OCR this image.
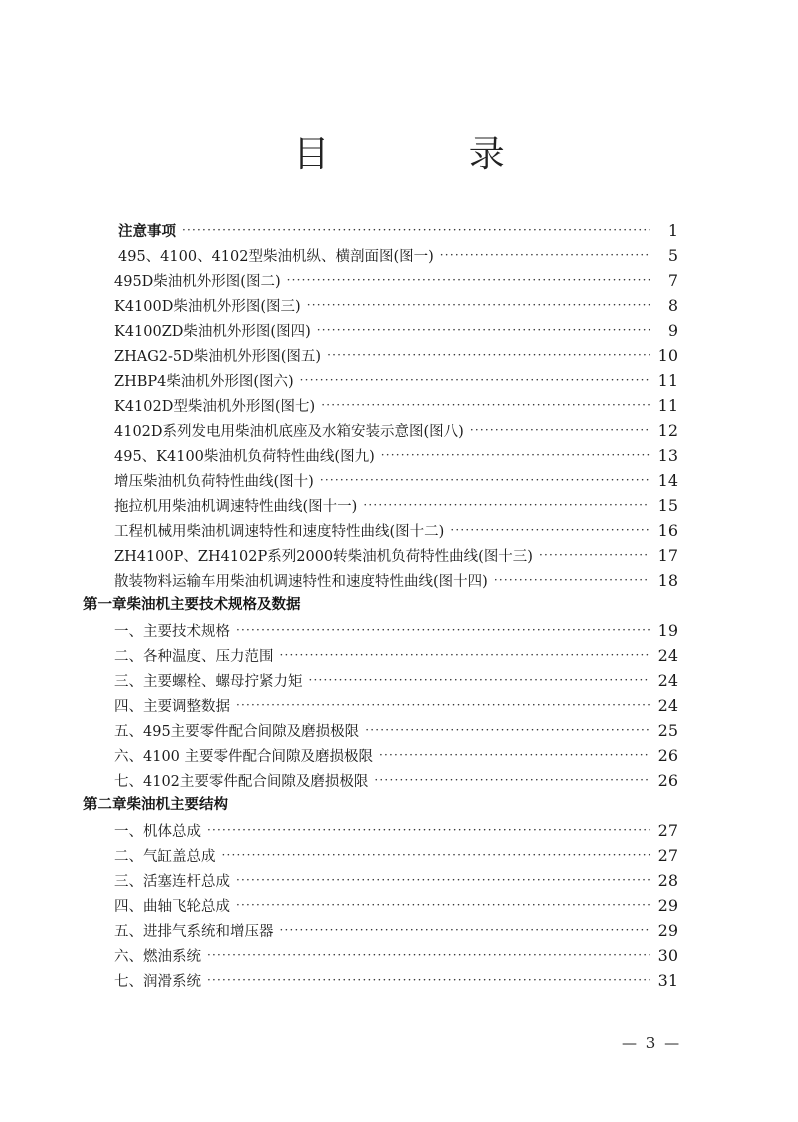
目 录
注意事项 ·····	1
495、4100、4102型柴油机纵、横剖面图(图一) ·····	5
495D柴油机外形图(图二) ·····	7
K4100D柴油机外形图(图三) ·····	8
K4100ZD柴油机外形图(图四) ·····	9
ZHAG2-5D柴油机外形图(图五) ·····	10
ZHBP4柴油机外形图(图六) ·····	11
K4102D型柴油机外形图(图七) ·····	11
4102D系列发电用柴油机底座及水箱安装示意图(图八) ·····	12
495、K4100柴油机负荷特性曲线(图九) ·····	13
增压柴油机负荷特性曲线(图十) ·····	14
拖拉机用柴油机调速特性曲线(图十一) ·····	15
工程机械用柴油机调速特性和速度特性曲线(图十二) ·····	16
ZH4100P、ZH4102P系列2000转柴油机负荷特性曲线(图十三) ·····	17
散装物料运输车用柴油机调速特性和速度特性曲线(图十四) ·····	18
第一章柴油机主要技术规格及数据
一、主要技术规格 ·····	19
二、各种温度、压力范围 ·····	24
三、主要螺栓、螺母拧紧力矩 ·····	24
四、主要调整数据 ·····	24
五、495主要零件配合间隙及磨损极限 ·····	25
六、4100 主要零件配合间隙及磨损极限 ·····	26
七、4102主要零件配合间隙及磨损极限 ·····	26
第二章柴油机主要结构
一、机体总成 ·····	27
二、气缸盖总成 ·····	27
三、活塞连杆总成 ·····	28
四、曲轴飞轮总成 ·····	29
五、进排气系统和增压器 ·····	29
六、燃油系统 ·····	30
七、润滑系统 ·····	31
— 3 —
